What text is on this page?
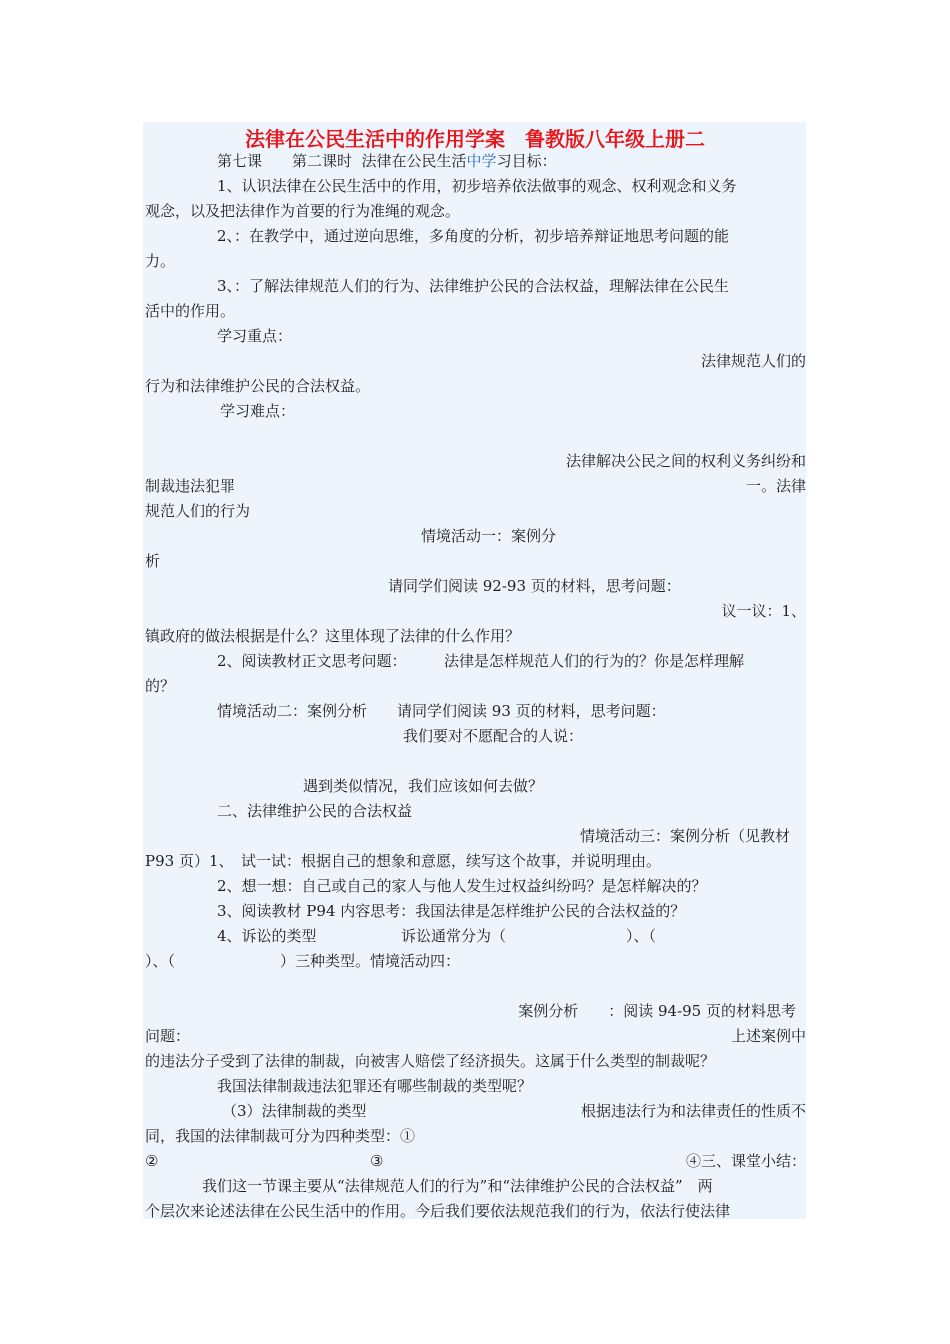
法律在公民生活中的作用学案　鲁教版八年级上册二
第七课　　第二课时  法律在公民生活中学习目标：
1、认识法律在公民生活中的作用，初步培养依法做事的观念、权利观念和义务
观念，以及把法律作为首要的行为准绳的观念。
2、：在教学中，通过逆向思维，多角度的分析，初步培养辩证地思考问题的能
力。
3、：了解法律规范人们的行为、法律维护公民的合法权益，理解法律在公民生
活中的作用。
学习重点：
法律规范人们的
行为和法律维护公民的合法权益。
学习难点：
法律解决公民之间的权利义务纠纷和
制裁违法犯罪	一。法律
规范人们的行为
情境活动一：案例分
析
请同学们阅读 92-93 页的材料，思考问题：
议一议：1、
镇政府的做法根据是什么？这里体现了法律的什么作用？
2、阅读教材正文思考问题：　　　法律是怎样规范人们的行为的？你是怎样理解
的？
情境活动二：案例分析　　请同学们阅读 93 页的材料，思考问题：
我们要对不愿配合的人说：
遇到类似情况，我们应该如何去做？
二、法律维护公民的合法权益
情境活动三：案例分析（见教材
P93 页）1、　试一试：根据自己的想象和意愿，续写这个故事，并说明理由。
2、想一想：自己或自己的家人与他人发生过权益纠纷吗？是怎样解决的？
3、阅读教材 P94 内容思考：我国法律是怎样维护公民的合法权益的？
4、诉讼的类型	诉讼通常分为（　　　　　　　　）、（
）、（　　　　　　　）三种类型。情境活动四：
案例分析　　：阅读 94-95 页的材料思考
问题：	上述案例中
的违法分子受到了法律的制裁，向被害人赔偿了经济损失。这属于什么类型的制裁呢？
我国法律制裁违法犯罪还有哪些制裁的类型呢？
（3）法律制裁的类型	根据违法行为和法律责任的性质不
同，我国的法律制裁可分为四种类型：①
②	③	④三、课堂小结：
我们这一节课主要从“法律规范人们的行为”和“法律维护公民的合法权益”　两
个层次来论述法律在公民生活中的作用。今后我们要依法规范我们的行为，依法行使法律
